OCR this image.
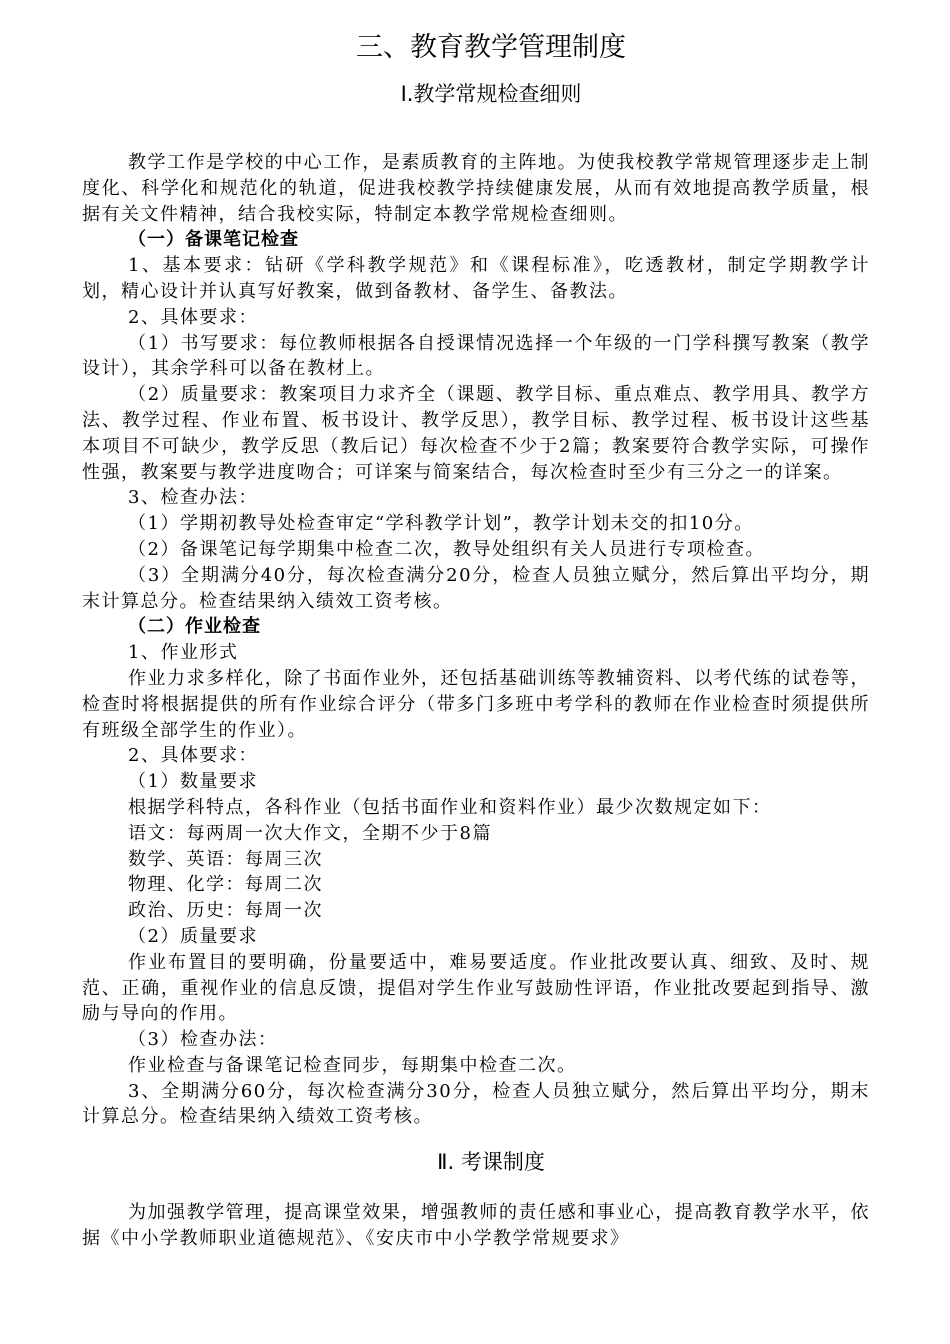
三、教育教学管理制度
Ⅰ.教学常规检查细则

教学工作是学校的中心工作，是素质教育的主阵地。为使我校教学常规管理逐步走上制度化、科学化和规范化的轨道，促进我校教学持续健康发展，从而有效地提高教学质量，根据有关文件精神，结合我校实际，特制定本教学常规检查细则。

（一）备课笔记检查

1、基本要求：钻研《学科教学规范》和《课程标准》，吃透教材，制定学期教学计划，精心设计并认真写好教案，做到备教材、备学生、备教法。

2、具体要求：

（1）书写要求：每位教师根据各自授课情况选择一个年级的一门学科撰写教案（教学设计），其余学科可以备在教材上。

（2）质量要求：教案项目力求齐全（课题、教学目标、重点难点、教学用具、教学方法、教学过程、作业布置、板书设计、教学反思），教学目标、教学过程、板书设计这些基本项目不可缺少，教学反思（教后记）每次检查不少于2篇；教案要符合教学实际，可操作性强，教案要与教学进度吻合；可详案与简案结合，每次检查时至少有三分之一的详案。

3、检查办法：

（1）学期初教导处检查审定“学科教学计划”，教学计划未交的扣10分。

（2）备课笔记每学期集中检查二次，教导处组织有关人员进行专项检查。

（3）全期满分40分，每次检查满分20分，检查人员独立赋分，然后算出平均分，期末计算总分。检查结果纳入绩效工资考核。

（二）作业检查

1、作业形式

作业力求多样化，除了书面作业外，还包括基础训练等教辅资料、以考代练的试卷等，检查时将根据提供的所有作业综合评分（带多门多班中考学科的教师在作业检查时须提供所有班级全部学生的作业）。

2、具体要求：

（1）数量要求

根据学科特点，各科作业（包括书面作业和资料作业）最少次数规定如下：

语文：每两周一次大作文，全期不少于8篇

数学、英语：每周三次

物理、化学：每周二次

政治、历史：每周一次

（2）质量要求

作业布置目的要明确，份量要适中，难易要适度。作业批改要认真、细致、及时、规范、正确，重视作业的信息反馈，提倡对学生作业写鼓励性评语，作业批改要起到指导、激励与导向的作用。

（3）检查办法：

作业检查与备课笔记检查同步，每期集中检查二次。

3、全期满分60分，每次检查满分30分，检查人员独立赋分，然后算出平均分，期末计算总分。检查结果纳入绩效工资考核。

Ⅱ. 考课制度

为加强教学管理，提高课堂效果，增强教师的责任感和事业心，提高教育教学水平，依据《中小学教师职业道德规范》、《安庆市中小学教学常规要求》
